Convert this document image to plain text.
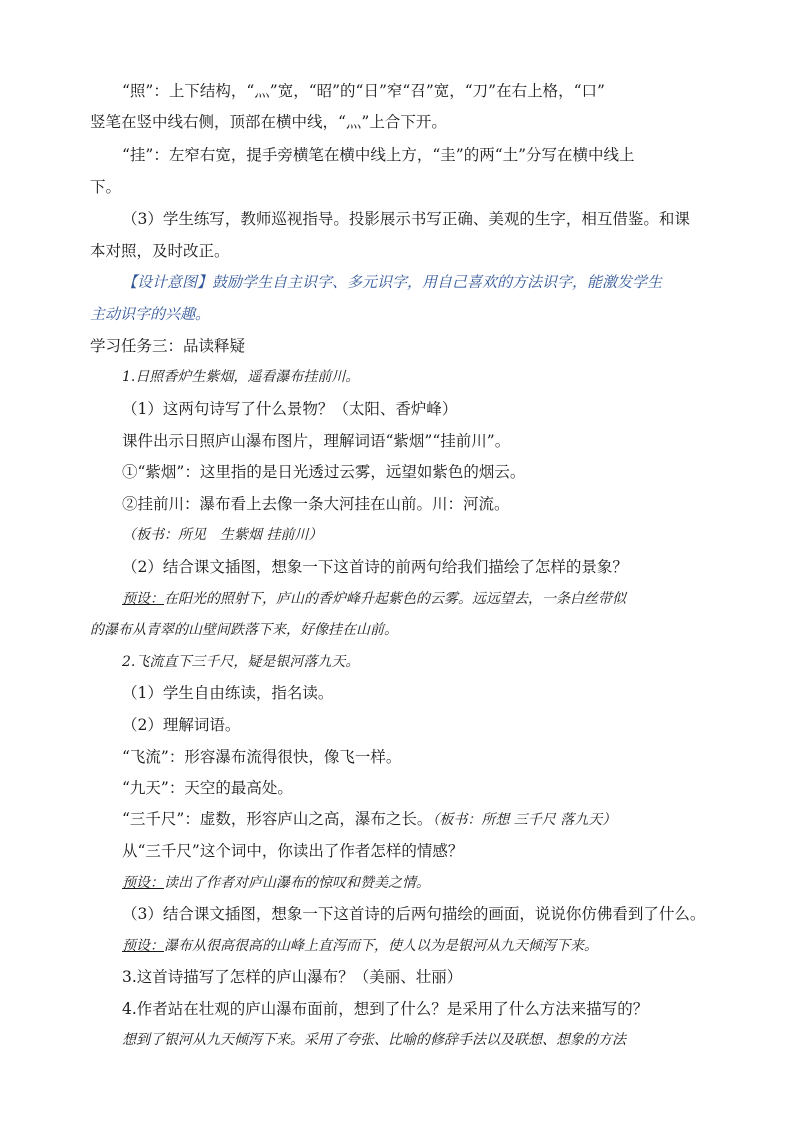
“照”：上下结构，“灬”宽，“昭”的“日”窄“召”宽，“刀”在右上格，“口”
竖笔在竖中线右侧，顶部在横中线，“灬”上合下开。
“挂”：左窄右宽，提手旁横笔在横中线上方，“圭”的两“土”分写在横中线上
下。
（3）学生练写，教师巡视指导。投影展示书写正确、美观的生字，相互借鉴。和课
本对照，及时改正。
【设计意图】鼓励学生自主识字、多元识字，用自己喜欢的方法识字，能激发学生
主动识字的兴趣。
学习任务三：品读释疑
1.日照香炉生紫烟，遥看瀑布挂前川。
（1）这两句诗写了什么景物？（太阳、香炉峰）
课件出示日照庐山瀑布图片，理解词语“紫烟”“挂前川”。
①“紫烟”：这里指的是日光透过云雾，远望如紫色的烟云。
②挂前川：瀑布看上去像一条大河挂在山前。川：河流。
（板书：所见　生紫烟 挂前川）
（2）结合课文插图，想象一下这首诗的前两句给我们描绘了怎样的景象？
预设：在阳光的照射下，庐山的香炉峰升起紫色的云雾。远远望去，一条白丝带似
的瀑布从青翠的山壁间跌落下来，好像挂在山前。
2.飞流直下三千尺，疑是银河落九天。
（1）学生自由练读，指名读。
（2）理解词语。
“飞流”：形容瀑布流得很快，像飞一样。
“九天”：天空的最高处。
“三千尺”：虚数，形容庐山之高，瀑布之长。（板书：所想 三千尺 落九天）
从“三千尺”这个词中，你读出了作者怎样的情感？
预设：读出了作者对庐山瀑布的惊叹和赞美之情。
（3）结合课文插图，想象一下这首诗的后两句描绘的画面，说说你仿佛看到了什么。
预设：瀑布从很高很高的山峰上直泻而下，使人以为是银河从九天倾泻下来。
3.这首诗描写了怎样的庐山瀑布？（美丽、壮丽）
4.作者站在壮观的庐山瀑布面前，想到了什么？是采用了什么方法来描写的？
想到了银河从九天倾泻下来。采用了夸张、比喻的修辞手法以及联想、想象的方法
